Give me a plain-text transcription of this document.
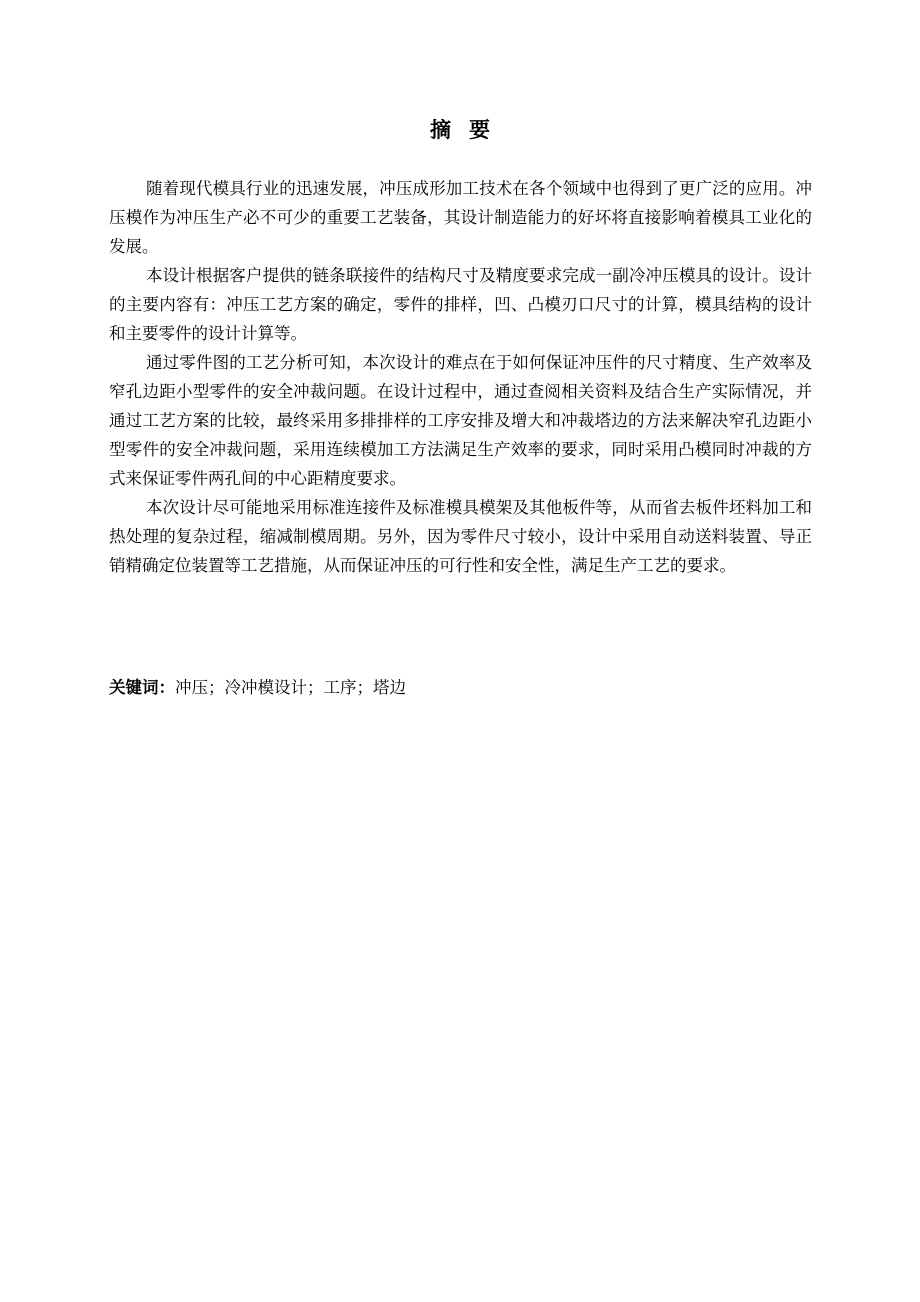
摘 要

随着现代模具行业的迅速发展，冲压成形加工技术在各个领域中也得到了更广泛的应用。冲压模作为冲压生产必不可少的重要工艺装备，其设计制造能力的好坏将直接影响着模具工业化的发展。

本设计根据客户提供的链条联接件的结构尺寸及精度要求完成一副冷冲压模具的设计。设计的主要内容有：冲压工艺方案的确定，零件的排样，凹、凸模刃口尺寸的计算，模具结构的设计和主要零件的设计计算等。

通过零件图的工艺分析可知，本次设计的难点在于如何保证冲压件的尺寸精度、生产效率及窄孔边距小型零件的安全冲裁问题。在设计过程中，通过查阅相关资料及结合生产实际情况，并通过工艺方案的比较，最终采用多排排样的工序安排及增大和冲裁塔边的方法来解决窄孔边距小型零件的安全冲裁问题，采用连续模加工方法满足生产效率的要求，同时采用凸模同时冲裁的方式来保证零件两孔间的中心距精度要求。

本次设计尽可能地采用标准连接件及标准模具模架及其他板件等，从而省去板件坯料加工和热处理的复杂过程，缩减制模周期。另外，因为零件尺寸较小，设计中采用自动送料装置、导正销精确定位装置等工艺措施，从而保证冲压的可行性和安全性，满足生产工艺的要求。

关键词：冲压；冷冲模设计；工序；塔边
